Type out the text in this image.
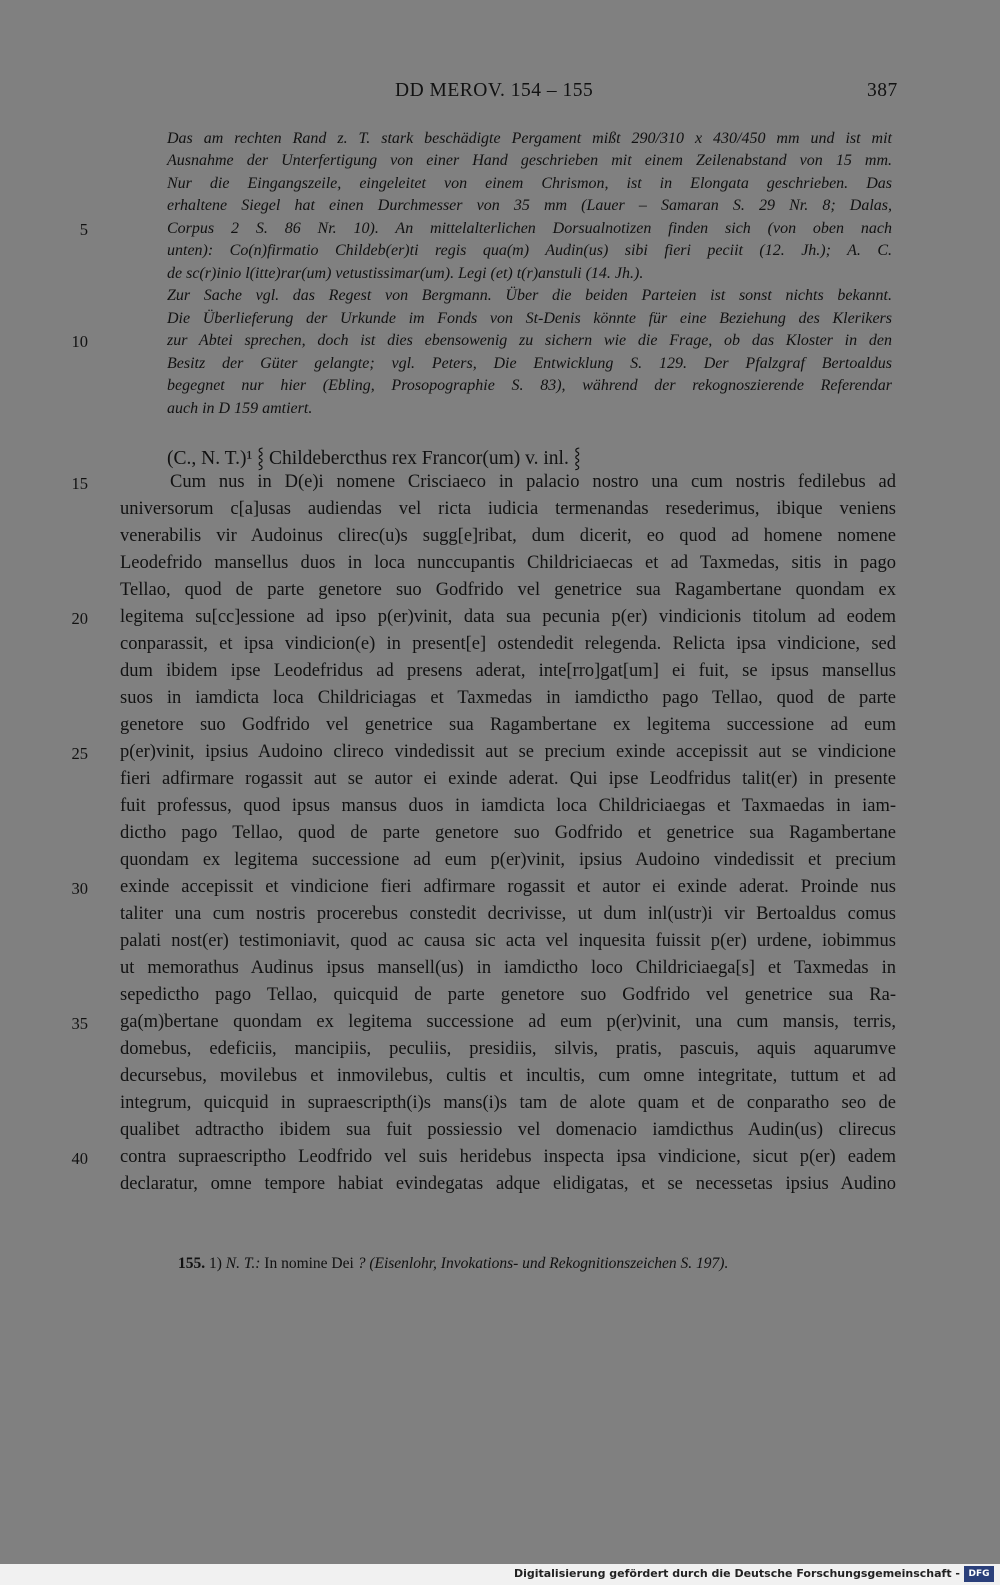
DD MEROV. 154 – 155	387
Das am rechten Rand z. T. stark beschädigte Pergament mißt 290/310 x 430/450 mm und ist mit
Ausnahme der Unterfertigung von einer Hand geschrieben mit einem Zeilenabstand von 15 mm.
Nur die Eingangszeile, eingeleitet von einem Chrismon, ist in Elongata geschrieben. Das
erhaltene Siegel hat einen Durchmesser von 35 mm (Lauer – Samaran S. 29 Nr. 8; Dalas,
Corpus 2 S. 86 Nr. 10). An mittelalterlichen Dorsualnotizen finden sich (von oben nach
unten): Co(n)firmatio Childeb(er)ti regis qua(m) Audin(us) sibi fieri peciit (12. Jh.); A. C.
de sc(r)inio l(itte)rar(um) vetustissimar(um). Legi (et) t(r)anstuli (14. Jh.).
Zur Sache vgl. das Regest von Bergmann. Über die beiden Parteien ist sonst nichts bekannt.
Die Überlieferung der Urkunde im Fonds von St-Denis könnte für eine Beziehung des Klerikers
zur Abtei sprechen, doch ist dies ebensowenig zu sichern wie die Frage, ob das Kloster in den
Besitz der Güter gelangte; vgl. Peters, Die Entwicklung S. 129. Der Pfalzgraf Bertoaldus
begegnet nur hier (Ebling, Prosopographie S. 83), während der rekognoszierende Referendar
auch in D 159 amtiert.
(C., N. T.)¹ ⸾ Childebercthus rex Francor(um) v. inl. ⸾
Cum nus in D(e)i nomene Crisciaeco in palacio nostro una cum nostris fedilebus ad
universorum c[a]usas audiendas vel ricta iudicia termenandas resederimus, ibique veniens
venerabilis vir Audoinus clirec(u)s sugg[e]ribat, dum dicerit, eo quod ad homene nomene
Leodefrido mansellus duos in loca nunccupantis Childriciaecas et ad Taxmedas, sitis in pago
Tellao, quod de parte genetore suo Godfrido vel genetrice sua Ragambertane quondam ex
legitema su[cc]essione ad ipso p(er)vinit, data sua pecunia p(er) vindicionis titolum ad eodem
conparassit, et ipsa vindicion(e) in present[e] ostendedit relegenda. Relicta ipsa vindicione, sed
dum ibidem ipse Leodefridus ad presens aderat, inte[rro]gat[um] ei fuit, se ipsus mansellus
suos in iamdicta loca Childriciagas et Taxmedas in iamdictho pago Tellao, quod de parte
genetore suo Godfrido vel genetrice sua Ragambertane ex legitema successione ad eum
p(er)vinit, ipsius Audoino clireco vindedissit aut se precium exinde accepissit aut se vindicione
fieri adfirmare rogassit aut se autor ei exinde aderat. Qui ipse Leodfridus talit(er) in presente
fuit professus, quod ipsus mansus duos in iamdicta loca Childriciaegas et Taxmaedas in iam-
dictho pago Tellao, quod de parte genetore suo Godfrido et genetrice sua Ragambertane
quondam ex legitema successione ad eum p(er)vinit, ipsius Audoino vindedissit et precium
exinde accepissit et vindicione fieri adfirmare rogassit et autor ei exinde aderat. Proinde nus
taliter una cum nostris procerebus constedit decrivisse, ut dum inl(ustr)i vir Bertoaldus comus
palati nost(er) testimoniavit, quod ac causa sic acta vel inquesita fuissit p(er) urdene, iobimmus
ut memorathus Audinus ipsus mansell(us) in iamdictho loco Childriciaega[s] et Taxmedas in
sepedictho pago Tellao, quicquid de parte genetore suo Godfrido vel genetrice sua Ra-
ga(m)bertane quondam ex legitema successione ad eum p(er)vinit, una cum mansis, terris,
domebus, edeficiis, mancipiis, peculiis, presidiis, silvis, pratis, pascuis, aquis aquarumve
decursebus, movilebus et inmovilebus, cultis et incultis, cum omne integritate, tuttum et ad
integrum, quicquid in supraescripth(i)s mans(i)s tam de alote quam et de conparatho seo de
qualibet adtractho ibidem sua fuit possiessio vel domenacio iamdicthus Audin(us) clirecus
contra supraescriptho Leodfrido vel suis heridebus inspecta ipsa vindicione, sicut p(er) eadem
declaratur, omne tempore habiat evindegatas adque elidigatas, et se necessetas ipsius Audino
5
10
15
20
25
30
35
40
155. 1) N. T.: In nomine Dei ? (Eisenlohr, Invokations- und Rekognitionszeichen S. 197).
Digitalisierung gefördert durch die Deutsche Forschungsgemeinschaft - DFG
